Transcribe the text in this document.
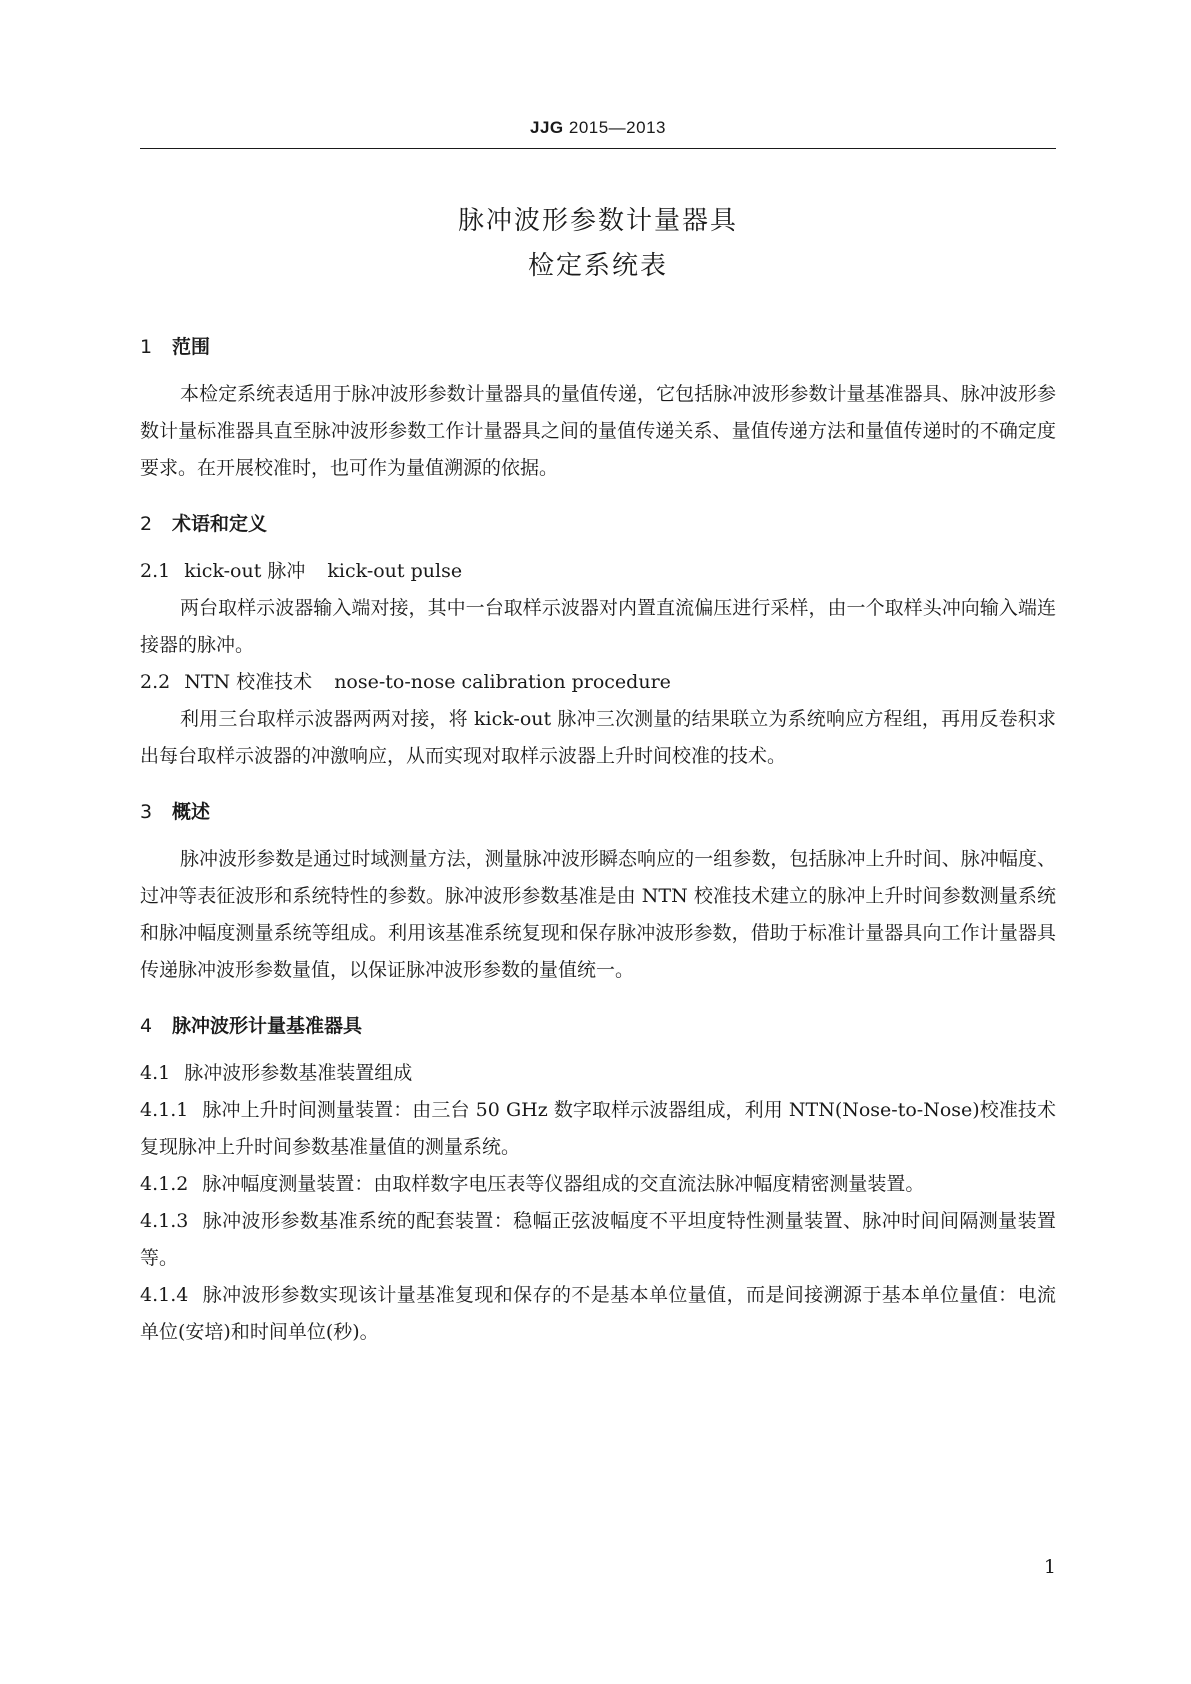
JJG 2015—2013
脉冲波形参数计量器具
检定系统表
1 范围

本检定系统表适用于脉冲波形参数计量器具的量值传递，它包括脉冲波形参数计量基准器具、脉冲波形参数计量标准器具直至脉冲波形参数工作计量器具之间的量值传递关系、量值传递方法和量值传递时的不确定度要求。在开展校准时，也可作为量值溯源的依据。

2 术语和定义

2.1 kick-out 脉冲 kick-out pulse

两台取样示波器输入端对接，其中一台取样示波器对内置直流偏压进行采样，由一个取样头冲向输入端连接器的脉冲。

2.2 NTN 校准技术 nose-to-nose calibration procedure

利用三台取样示波器两两对接，将 kick-out 脉冲三次测量的结果联立为系统响应方程组，再用反卷积求出每台取样示波器的冲激响应，从而实现对取样示波器上升时间校准的技术。

3 概述

脉冲波形参数是通过时域测量方法，测量脉冲波形瞬态响应的一组参数，包括脉冲上升时间、脉冲幅度、过冲等表征波形和系统特性的参数。脉冲波形参数基准是由 NTN 校准技术建立的脉冲上升时间参数测量系统和脉冲幅度测量系统等组成。利用该基准系统复现和保存脉冲波形参数，借助于标准计量器具向工作计量器具传递脉冲波形参数量值，以保证脉冲波形参数的量值统一。

4 脉冲波形计量基准器具

4.1 脉冲波形参数基准装置组成

4.1.1 脉冲上升时间测量装置：由三台 50 GHz 数字取样示波器组成，利用 NTN(Nose-to-Nose)校准技术复现脉冲上升时间参数基准量值的测量系统。

4.1.2 脉冲幅度测量装置：由取样数字电压表等仪器组成的交直流法脉冲幅度精密测量装置。

4.1.3 脉冲波形参数基准系统的配套装置：稳幅正弦波幅度不平坦度特性测量装置、脉冲时间间隔测量装置等。

4.1.4 脉冲波形参数实现该计量基准复现和保存的不是基本单位量值，而是间接溯源于基本单位量值：电流单位(安培)和时间单位(秒)。

1
